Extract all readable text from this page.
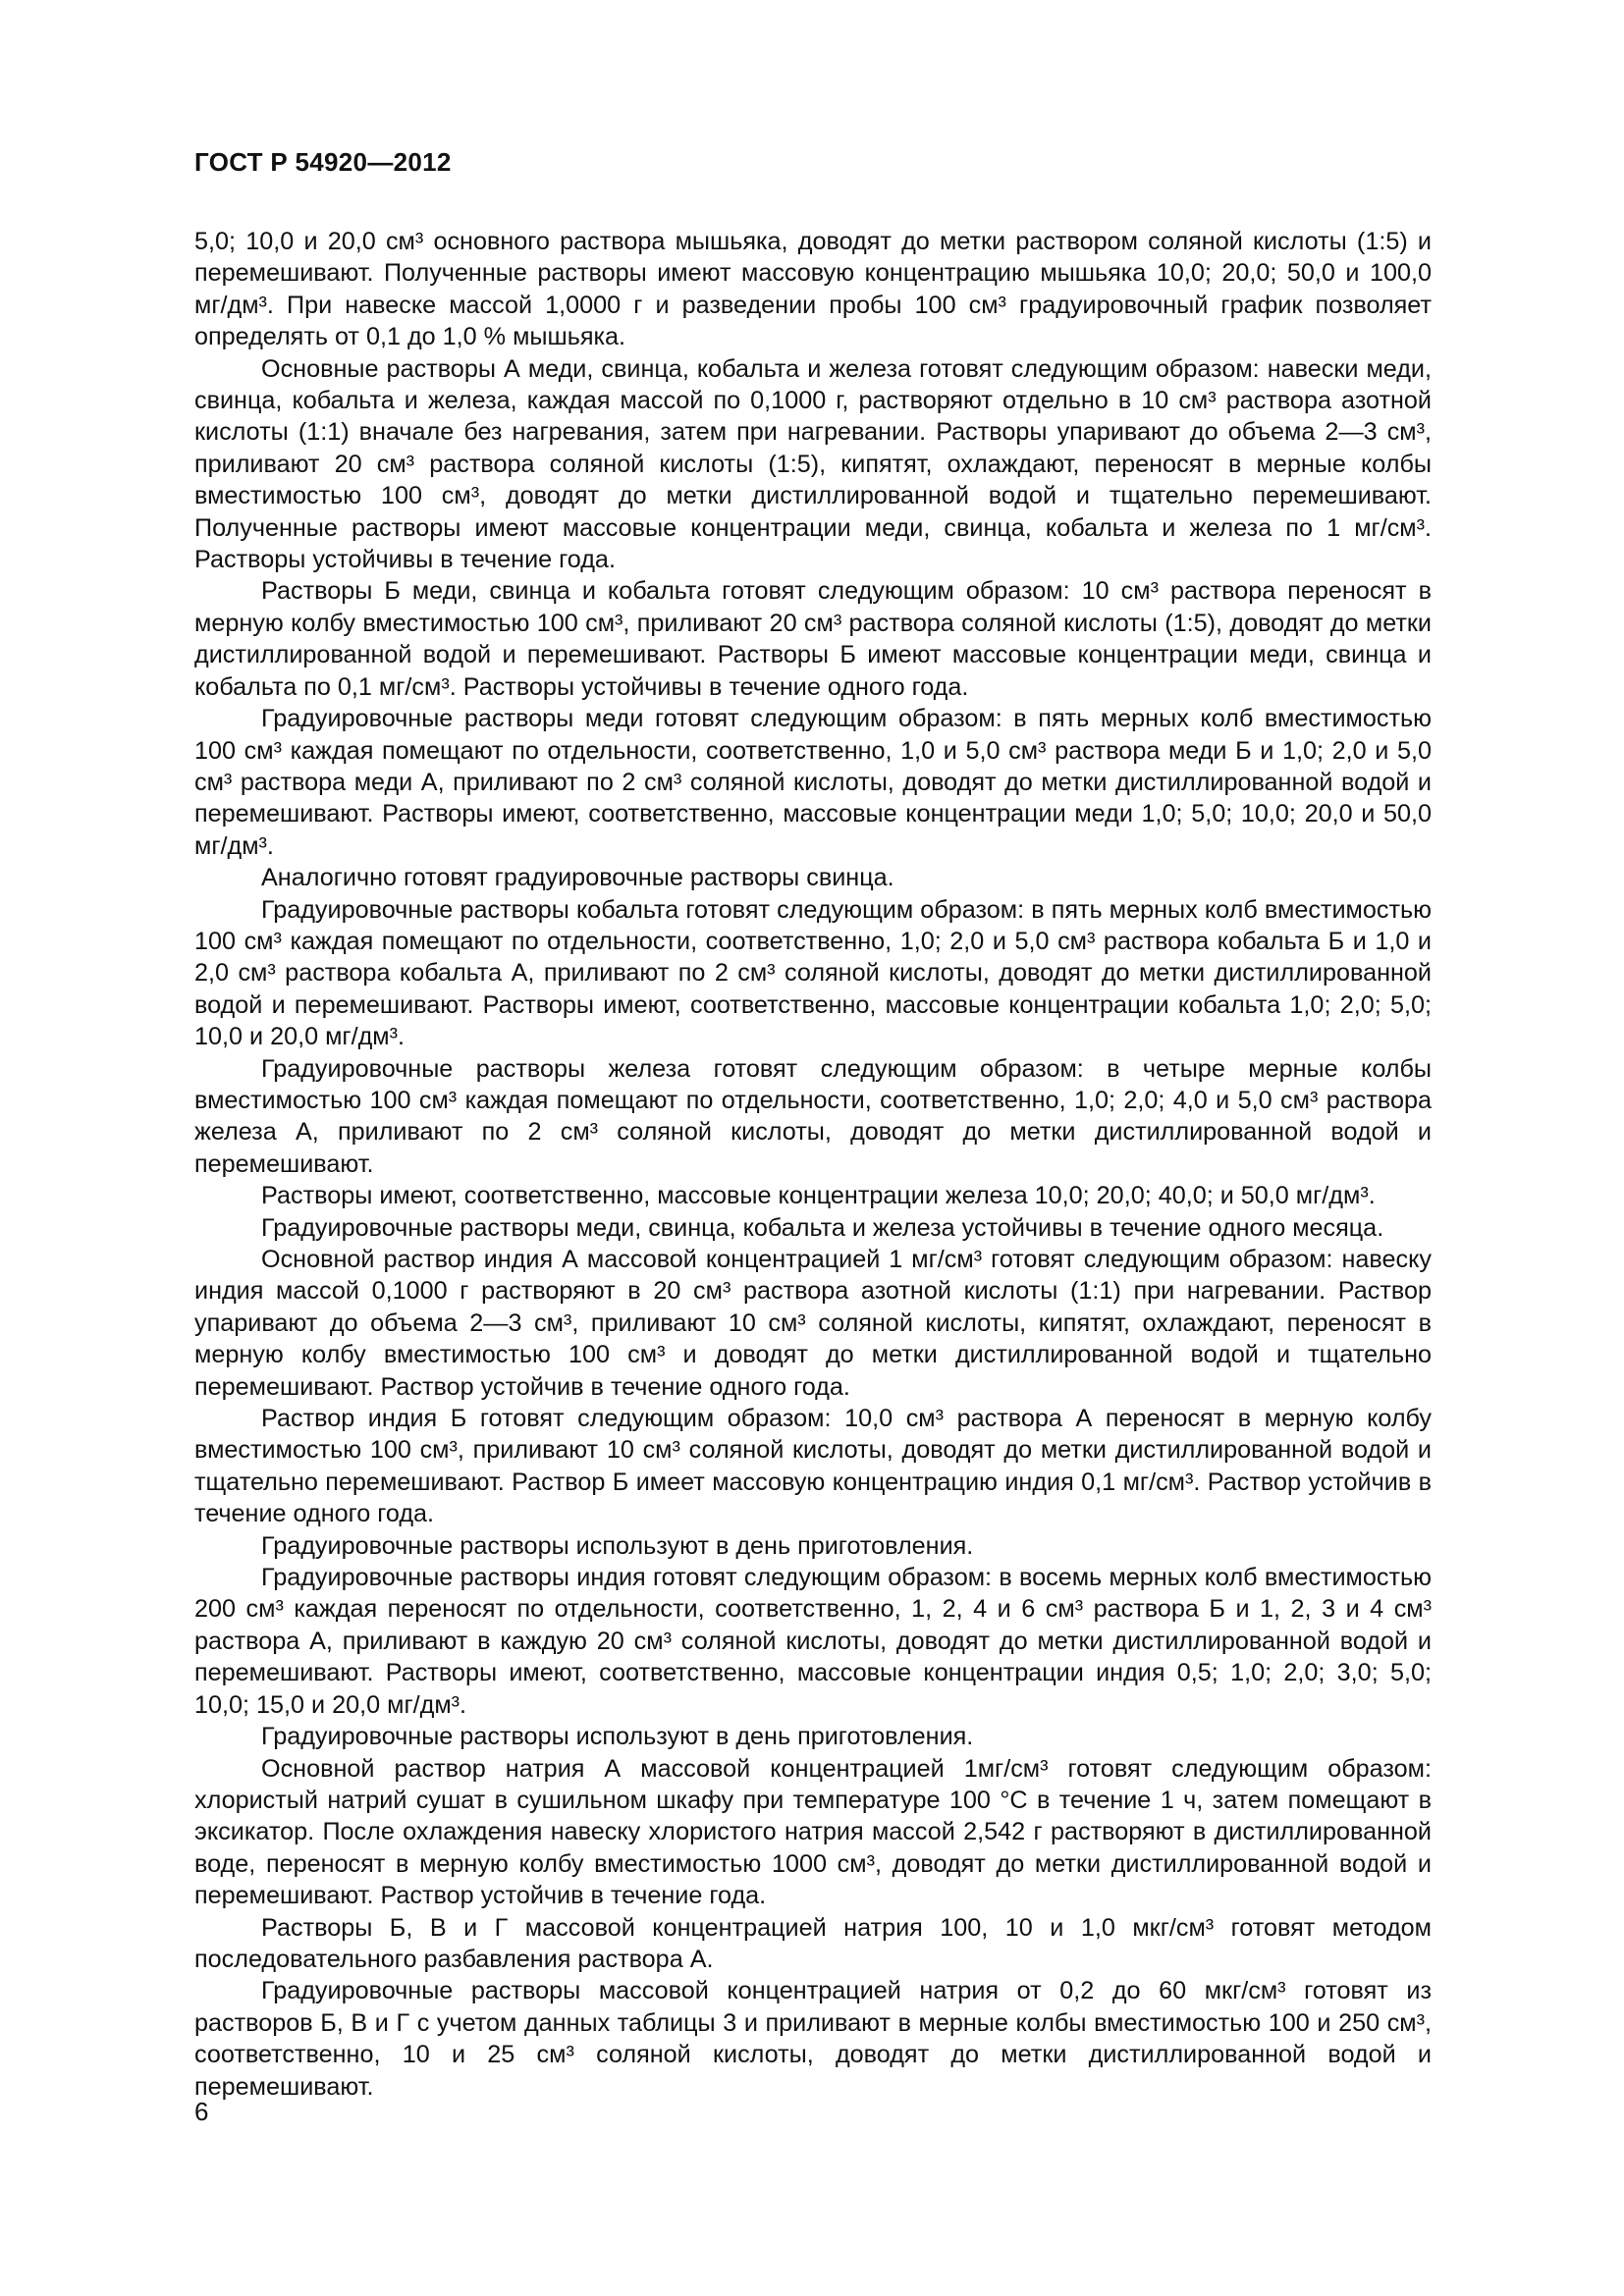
ГОСТ Р 54920—2012

5,0; 10,0 и 20,0 см³ основного раствора мышьяка, доводят до метки раствором соляной кислоты (1:5) и перемешивают. Полученные растворы имеют массовую концентрацию мышьяка 10,0; 20,0; 50,0 и 100,0 мг/дм³. При навеске массой 1,0000 г и разведении пробы 100 см³ градуировочный график позволяет определять от 0,1 до 1,0 % мышьяка.

Основные растворы А меди, свинца, кобальта и железа готовят следующим образом: навески меди, свинца, кобальта и железа, каждая массой по 0,1000 г, растворяют отдельно в 10 см³ раствора азотной кислоты (1:1) вначале без нагревания, затем при нагревании. Растворы упаривают до объема 2—3 см³, приливают 20 см³ раствора соляной кислоты (1:5), кипятят, охлаждают, переносят в мерные колбы вместимостью 100 см³, доводят до метки дистиллированной водой и тщательно перемешивают. Полученные растворы имеют массовые концентрации меди, свинца, кобальта и железа по 1 мг/см³. Растворы устойчивы в течение года.

Растворы Б меди, свинца и кобальта готовят следующим образом: 10 см³ раствора переносят в мерную колбу вместимостью 100 см³, приливают 20 см³ раствора соляной кислоты (1:5), доводят до метки дистиллированной водой и перемешивают. Растворы Б имеют массовые концентрации меди, свинца и кобальта по 0,1 мг/см³. Растворы устойчивы в течение одного года.

Градуировочные растворы меди готовят следующим образом: в пять мерных колб вместимостью 100 см³ каждая помещают по отдельности, соответственно, 1,0 и 5,0 см³ раствора меди Б и 1,0; 2,0 и 5,0 см³ раствора меди А, приливают по 2 см³ соляной кислоты, доводят до метки дистиллированной водой и перемешивают. Растворы имеют, соответственно, массовые концентрации меди 1,0; 5,0; 10,0; 20,0 и 50,0 мг/дм³.

Аналогично готовят градуировочные растворы свинца.

Градуировочные растворы кобальта готовят следующим образом: в пять мерных колб вместимостью 100 см³ каждая помещают по отдельности, соответственно, 1,0; 2,0 и 5,0 см³ раствора кобальта Б и 1,0 и 2,0 см³ раствора кобальта А, приливают по 2 см³ соляной кислоты, доводят до метки дистиллированной водой и перемешивают. Растворы имеют, соответственно, массовые концентрации кобальта 1,0; 2,0; 5,0; 10,0 и 20,0 мг/дм³.

Градуировочные растворы железа готовят следующим образом: в четыре мерные колбы вместимостью 100 см³ каждая помещают по отдельности, соответственно, 1,0; 2,0; 4,0 и 5,0 см³ раствора железа А, приливают по 2 см³ соляной кислоты, доводят до метки дистиллированной водой и перемешивают.

Растворы имеют, соответственно, массовые концентрации железа 10,0; 20,0; 40,0; и 50,0 мг/дм³.

Градуировочные растворы меди, свинца, кобальта и железа устойчивы в течение одного месяца.

Основной раствор индия А массовой концентрацией 1 мг/см³ готовят следующим образом: навеску индия массой 0,1000 г растворяют в 20 см³ раствора азотной кислоты (1:1) при нагревании. Раствор упаривают до объема 2—3 см³, приливают 10 см³ соляной кислоты, кипятят, охлаждают, переносят в мерную колбу вместимостью 100 см³ и доводят до метки дистиллированной водой и тщательно перемешивают. Раствор устойчив в течение одного года.

Раствор индия Б готовят следующим образом: 10,0 см³ раствора А переносят в мерную колбу вместимостью 100 см³, приливают 10 см³ соляной кислоты, доводят до метки дистиллированной водой и тщательно перемешивают. Раствор Б имеет массовую концентрацию индия 0,1 мг/см³. Раствор устойчив в течение одного года.

Градуировочные растворы используют в день приготовления.

Градуировочные растворы индия готовят следующим образом: в восемь мерных колб вместимостью 200 см³ каждая переносят по отдельности, соответственно, 1, 2, 4 и 6 см³ раствора Б и 1, 2, 3 и 4 см³ раствора А, приливают в каждую 20 см³ соляной кислоты, доводят до метки дистиллированной водой и перемешивают. Растворы имеют, соответственно, массовые концентрации индия 0,5; 1,0; 2,0; 3,0; 5,0; 10,0; 15,0 и 20,0 мг/дм³.

Градуировочные растворы используют в день приготовления.

Основной раствор натрия А массовой концентрацией 1мг/см³ готовят следующим образом: хлористый натрий сушат в сушильном шкафу при температуре 100 °С в течение 1 ч, затем помещают в эксикатор. После охлаждения навеску хлористого натрия массой 2,542 г растворяют в дистиллированной воде, переносят в мерную колбу вместимостью 1000 см³, доводят до метки дистиллированной водой и перемешивают. Раствор устойчив в течение года.

Растворы Б, В и Г массовой концентрацией натрия 100, 10 и 1,0 мкг/см³ готовят методом последовательного разбавления раствора А.

Градуировочные растворы массовой концентрацией натрия от 0,2 до 60 мкг/см³ готовят из растворов Б, В и Г с учетом данных таблицы 3 и приливают в мерные колбы вместимостью 100 и 250 см³, соответственно, 10 и 25 см³ соляной кислоты, доводят до метки дистиллированной водой и перемешивают.

6
